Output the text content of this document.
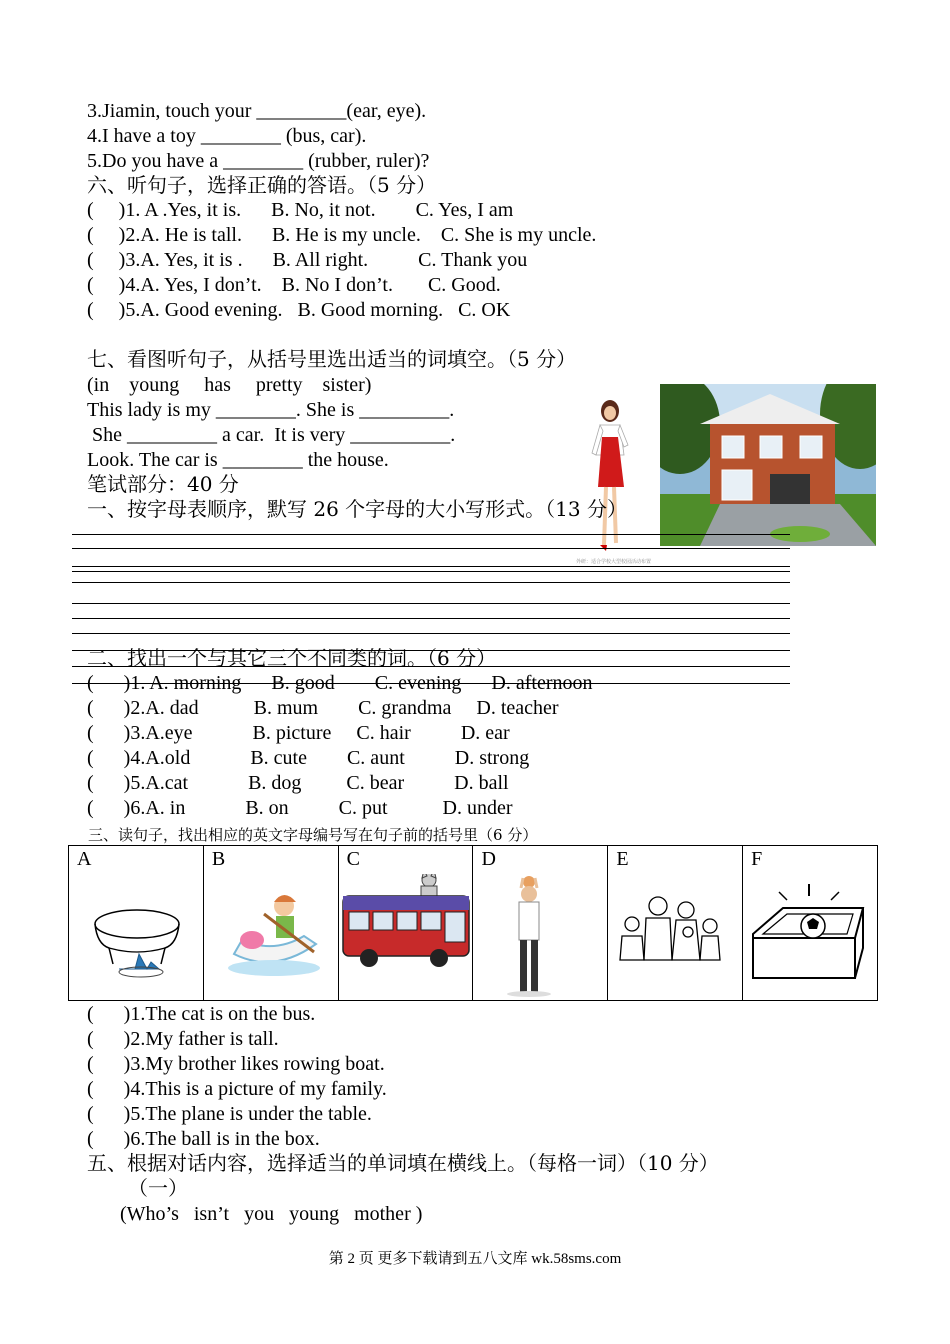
3.Jiamin, touch your _________(ear, eye).
4.I have a toy ________ (bus, car).
5.Do you have a ________ (rubber, ruler)?
六、听句子，选择正确的答语。（5 分）
(     )1. A .Yes, it is.      B. No, it not.        C. Yes, I am
(     )2.A. He is tall.      B. He is my uncle.    C. She is my uncle.
(     )3.A. Yes, it is .      B. All right.          C. Thank you
(     )4.A. Yes, I don’t.    B. No I don’t.       C. Good.
(     )5.A. Good evening.   B. Good morning.   C. OK
七、看图听句子，从括号里选出适当的词填空。（5 分）
(in    young     has     pretty    sister)
This lady is my ________. She is _________.
She _________ a car.  It is very __________.
Look. The car is ________ the house.
外研：适合学校大型校园活动布置
笔试部分：40 分
一、按字母表顺序，默写 26 个字母的大小写形式。（13 分）
二、找出一个与其它三个不同类的词。（6 分）
(      )1. A. morning      B. good        C. evening      D. afternoon
(      )2.A. dad           B. mum        C. grandma     D. teacher
(      )3.A.eye            B. picture     C. hair          D. ear
(      )4.A.old            B. cute        C. aunt          D. strong
(      )5.A.cat            B. dog         C. bear          D. ball
(      )6.A. in            B. on          C. put           D. under
三、读句子，找出相应的英文字母编号写在句子前的括号里（6 分）
A	B	C	D	E	F
(      )1.The cat is on the bus.
(      )2.My father is tall.
(      )3.My brother likes rowing boat.
(      )4.This is a picture of my family.
(      )5.The plane is under the table.
(      )6.The ball is in the box.
五、根据对话内容，选择适当的单词填在横线上。（每格一词）（10 分）
（一）
(Who’s   isn’t   you   young   mother )
第 2 页 更多下载请到五八文库 wk.58sms.com
